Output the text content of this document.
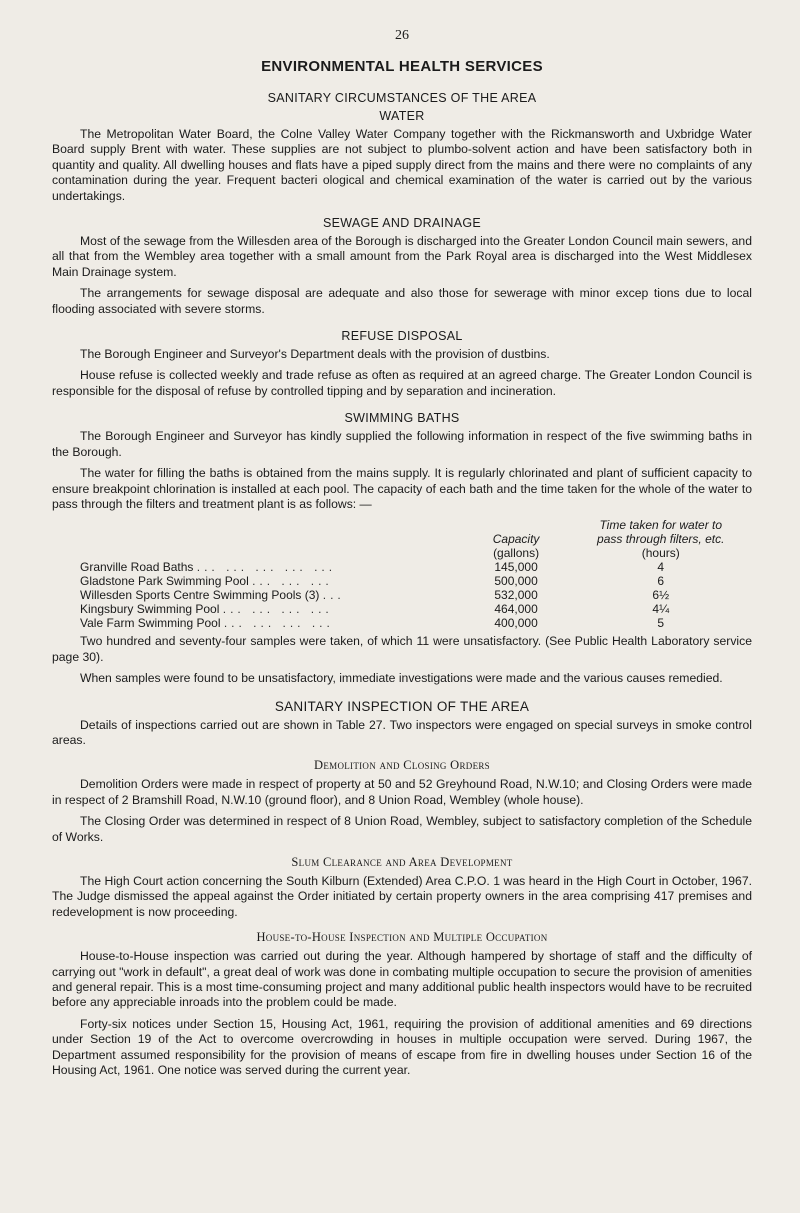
26
ENVIRONMENTAL HEALTH SERVICES
SANITARY CIRCUMSTANCES OF THE AREA
WATER

The Metropolitan Water Board, the Colne Valley Water Company together with the Rickmansworth and Uxbridge Water Board supply Brent with water. These supplies are not subject to plumbo-solvent action and have been satisfactory both in quantity and quality. All dwelling houses and flats have a piped supply direct from the mains and there were no complaints of any contamination during the year. Frequent bacteri ological and chemical examination of the water is carried out by the various undertakings.

SEWAGE AND DRAINAGE

Most of the sewage from the Willesden area of the Borough is discharged into the Greater London Council main sewers, and all that from the Wembley area together with a small amount from the Park Royal area is discharged into the West Middlesex Main Drainage system.

The arrangements for sewage disposal are adequate and also those for sewerage with minor excep tions due to local flooding associated with severe storms.

REFUSE DISPOSAL

The Borough Engineer and Surveyor's Department deals with the provision of dustbins.

House refuse is collected weekly and trade refuse as often as required at an agreed charge. The Greater London Council is responsible for the disposal of refuse by controlled tipping and by separation and incineration.

SWIMMING BATHS

The Borough Engineer and Surveyor has kindly supplied the following information in respect of the five swimming baths in the Borough.

The water for filling the baths is obtained from the mains supply. It is regularly chlorinated and plant of sufficient capacity to ensure breakpoint chlorination is installed at each pool. The capacity of each bath and the time taken for the whole of the water to pass through the filters and treatment plant is as follows: —

		Time taken for water to
	Capacity	pass through filters, etc.
	(gallons)	(hours)
Granville Road Baths ... ... ... ... ...	145,000	4
Gladstone Park Swimming Pool ... ... ...	500,000	6
Willesden Sports Centre Swimming Pools (3) ...	532,000	6½
Kingsbury Swimming Pool ... ... ... ...	464,000	4¼
Vale Farm Swimming Pool ... ... ... ...	400,000	5

Two hundred and seventy-four samples were taken, of which 11 were unsatisfactory. (See Public Health Laboratory service page 30).

When samples were found to be unsatisfactory, immediate investigations were made and the various causes remedied.

SANITARY INSPECTION OF THE AREA

Details of inspections carried out are shown in Table 27. Two inspectors were engaged on special surveys in smoke control areas.

Demolition and Closing Orders

Demolition Orders were made in respect of property at 50 and 52 Greyhound Road, N.W.10; and Closing Orders were made in respect of 2 Bramshill Road, N.W.10 (ground floor), and 8 Union Road, Wembley (whole house).

The Closing Order was determined in respect of 8 Union Road, Wembley, subject to satisfactory completion of the Schedule of Works.

Slum Clearance and Area Development

The High Court action concerning the South Kilburn (Extended) Area C.P.O. 1 was heard in the High Court in October, 1967. The Judge dismissed the appeal against the Order initiated by certain property owners in the area comprising 417 premises and redevelopment is now proceeding.

House-to-House Inspection and Multiple Occupation

House-to-House inspection was carried out during the year. Although hampered by shortage of staff and the difficulty of carrying out "work in default", a great deal of work was done in combating multiple occupation to secure the provision of amenities and general repair. This is a most time-consuming project and many additional public health inspectors would have to be recruited before any appreciable inroads into the problem could be made.

Forty-six notices under Section 15, Housing Act, 1961, requiring the provision of additional amenities and 69 directions under Section 19 of the Act to overcome overcrowding in houses in multiple occupation were served. During 1967, the Department assumed responsibility for the provision of means of escape from fire in dwelling houses under Section 16 of the Housing Act, 1961. One notice was served during the current year.
